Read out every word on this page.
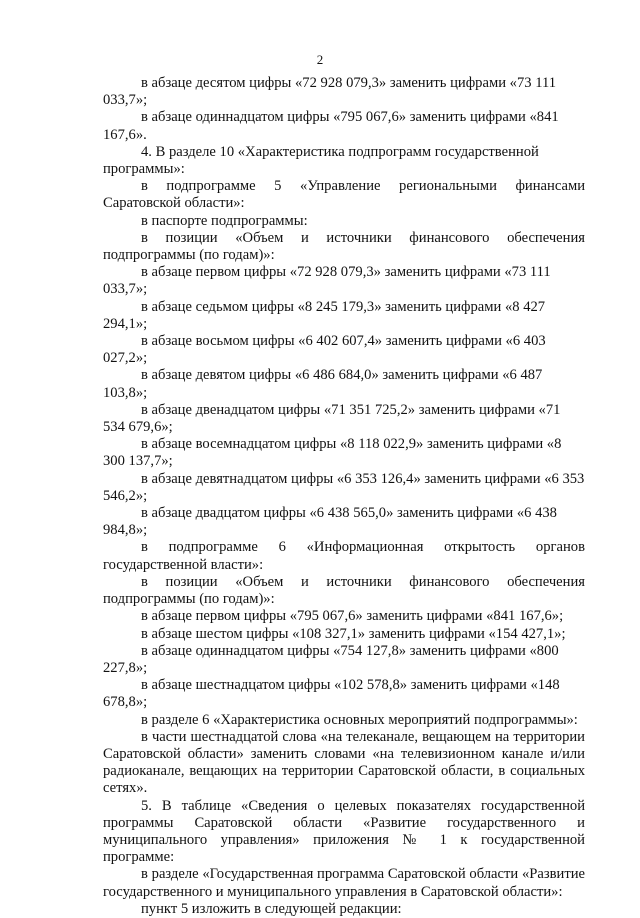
2

в абзаце десятом цифры «72 928 079,3» заменить цифрами «73 111 033,7»;

в абзаце одиннадцатом цифры «795 067,6» заменить цифрами «841 167,6».

4. В разделе 10 «Характеристика подпрограмм государственной программы»:

в подпрограмме 5 «Управление региональными финансами Саратовской области»:

в паспорте подпрограммы:

в позиции «Объем и источники финансового обеспечения подпрограммы (по годам)»:

в абзаце первом цифры «72 928 079,3» заменить цифрами «73 111 033,7»;

в абзаце седьмом цифры «8 245 179,3» заменить цифрами «8 427 294,1»;

в абзаце восьмом цифры «6 402 607,4» заменить цифрами «6 403 027,2»;

в абзаце девятом цифры «6 486 684,0» заменить цифрами «6 487 103,8»;

в абзаце двенадцатом цифры «71 351 725,2» заменить цифрами «71 534 679,6»;

в абзаце восемнадцатом цифры «8 118 022,9» заменить цифрами «8 300 137,7»;

в абзаце девятнадцатом цифры «6 353 126,4» заменить цифрами «6 353 546,2»;

в абзаце двадцатом цифры «6 438 565,0» заменить цифрами «6 438 984,8»;

в подпрограмме 6 «Информационная открытость органов государственной власти»:

в позиции «Объем и источники финансового обеспечения подпрограммы (по годам)»:

в абзаце первом цифры «795 067,6» заменить цифрами «841 167,6»;

в абзаце шестом цифры «108 327,1» заменить цифрами «154 427,1»;

в абзаце одиннадцатом цифры «754 127,8» заменить цифрами «800 227,8»;

в абзаце шестнадцатом цифры «102 578,8» заменить цифрами «148 678,8»;

в разделе 6 «Характеристика основных мероприятий подпрограммы»:

в части шестнадцатой слова «на телеканале, вещающем на территории Саратовской области» заменить словами «на телевизионном канале и/или радиоканале, вещающих на территории Саратовской области, в социальных сетях».

5. В таблице «Сведения о целевых показателях государственной программы Саратовской области «Развитие государственного и муниципального управления» приложения № 1 к государственной программе:

в разделе «Государственная программа Саратовской области «Развитие государственного и муниципального управления в Саратовской области»:

пункт 5 изложить в следующей редакции:
